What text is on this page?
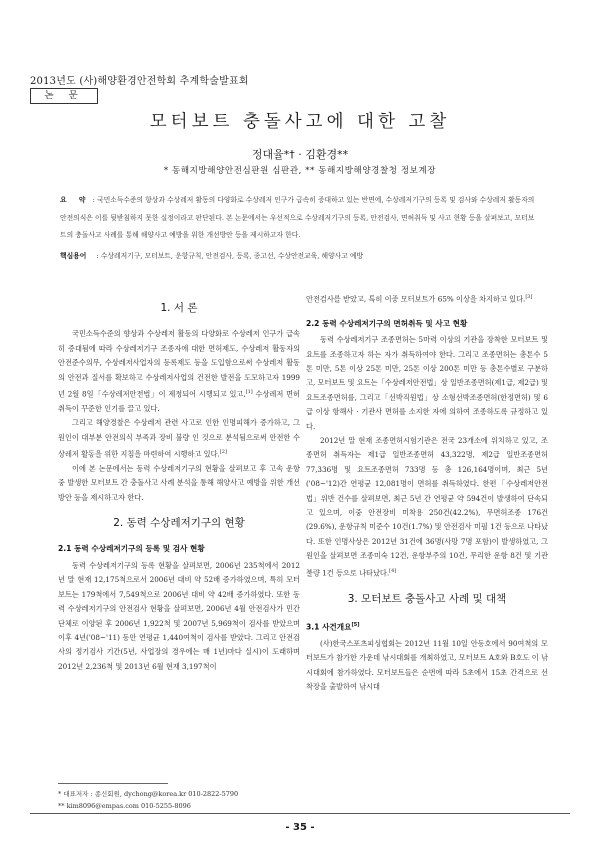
2013년도 (사)해양환경안전학회 추계학술발표회
논 문
모터보트 충돌사고에 대한 고찰
정대율*† · 김환경**
* 동해지방해양안전심판원 심판관, ** 동해지방해양경찰청 정보계장
요 약 : 국민소득수준의 향상과 수상레저 활동의 다양화로 수상레저 인구가 급속히 증대하고 있는 반면에, 수상레저기구의 등록 및 검사와 수상레저 활동자의 안전의식은 이를 뒷받침하지 못한 실정이라고 판단된다. 본 논문에서는 우선적으로 수상레저기구의 등록, 안전검사, 면허취득 및 사고 현황 등을 살펴보고, 모터보트의 충돌사고 사례를 통해 해양사고 예방을 위한 개선방안 등을 제시하고자 한다.
핵심용어 : 수상레저기구, 모터보트, 운항규칙, 안전검사, 등록, 종고선, 수상안전교육, 해양사고 예방
1. 서 론

국민소득수준의 향상과 수상레저 활동의 다양화로 수상레저 인구가 급속히 증대됨에 따라 수상레저기구 조종자에 대한 면허제도, 수상레저 활동자의 안전준수의무, 수상레저사업자의 등록제도 등을 도입함으로써 수상레저 활동의 안전과 질서를 확보하고 수상레저사업의 건전한 발전을 도모하고자 1999년 2월 8일「수상레저안전법」이 제정되어 시행되고 있고,[1] 수상레저 면허 취득이 꾸준한 인기를 끌고 있다.

그리고 해양경찰은 수상레저 관련 사고로 인한 인명피해가 증가하고, 그 원인이 대부분 안전의식 부족과 장비 불량 인 것으로 분석됨으로써 안전한 수상레저 활동을 위한 지침을 마련하여 시행하고 있다.[2]

이에 본 논문에서는 동력 수상레저기구의 현황을 살펴보고 후 고속 운항 중 발생한 모터보트 간 충돌사고 사례 분석을 통해 해양사고 예방을 위한 개선방안 등을 제시하고자 한다.

2. 동력 수상레저기구의 현황
2.1 동력 수상레저기구의 등록 및 검사 현황

동력 수상레저기구의 등록 현황을 살펴보면, 2006년 235척에서 2012년 말 현재 12,175척으로서 2006년 대비 약 52배 증가하였으며, 특히 모터보트는 179척에서 7,549척으로 2006년 대비 약 42배 증가하였다. 또한 동력 수상레저기구의 안전검사 현황을 살펴보면, 2006년 4월 안전검사가 민간단체로 이양된 후 2006년 1,922척 및 2007년 5,969척이 검사를 받았으며 이후 4년('08~'11) 동안 연평균 1,440여척이 검사를 받았다. 그리고 안전검사의 정기검사 기간(5년, 사업장의 경우에는 매 1년)마다 실시)이 도래하며 2012년 2,236척 및 2013년 6월 현재 3,197척이

안전검사를 받았고, 특히 이중 모터보트가 65% 이상을 차지하고 있다.[3]

2.2 동력 수상레저기구의 면허취득 및 사고 현황

동력 수상레저기구 조종면허는 5마력 이상의 기관을 장착한 모터보트 및 요트를 조종하고자 하는 자가 취득하여야 한다. 그리고 조종면허는 총톤수 5톤 미만, 5톤 이상 25톤 미만, 25톤 이상 200톤 미만 등 총톤수별로 구분하고, 모터보트 및 요트는「수상레저안전법」상 일반조종면허(제1급, 제2급) 및 요트조종면허를, 그리고「선박직원법」상 소형선박조종면허(한정면허) 및 6급 이상 항해사 · 기관사 면허를 소지한 자에 의하여 조종하도록 규정하고 있다.

2012년 말 현재 조종면허시험기관은 전국 23개소에 위치하고 있고, 조종면허 취득자는 제1급 일반조종면허 43,322명, 제2급 일반조종면허 77,336명 및 요트조종면허 733명 등 총 126,164명이며, 최근 5년('08~'12)간 연평균 12,081명이 면허를 취득하였다. 한편「수상레저안전법」위반 건수를 살펴보면, 최근 5년 간 연평균 약 594건이 발생하여 단속되고 있으며, 이중 안전장비 미착용 250건(42.2%), 무면허조종 176건(29.6%), 운항규칙 미준수 10건(1.7%) 및 안전검사 미필 1건 등으로 나타났다. 또한 인명사상은 2012년 31건에 36명(사망 7명 포함)이 발생하였고, 그 원인을 살펴보면 조종미숙 12건, 운항부주의 10건, 무리한 운항 8건 및 기관불량 1건 등으로 나타났다.[4]

3. 모터보트 충돌사고 사례 및 대책
3.1 사건개요[5]

(사)한국스포츠피싱협회는 2012년 11월 10일 안동호에서 90여척의 모터보트가 참가한 가운데 낚시대회를 개최하였고, 모터보트 A호와 B호도 이 낚시대회에 참가하였다. 모터보트들은 순번에 따라 5초에서 15초 간격으로 선착장을 출발하여 낚시대

* 대표저자 : 종신회원, dychong@korea.kr 010-2822-5790
** kim8096@empas.com 010-5255-8096
- 35 -
